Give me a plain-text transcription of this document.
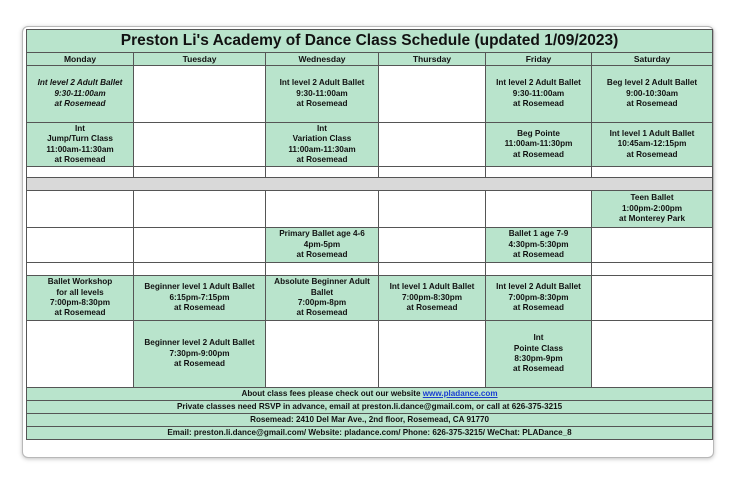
Preston Li's Academy of Dance Class Schedule (updated 1/09/2023)					
Monday	Tuesday	Wednesday	Thursday	Friday	Saturday

Int level 2 Adult Ballet
9:30-11:00am
at Rosemead		Int level 2 Adult Ballet
9:30-11:00am
at Rosemead		Int level 2 Adult Ballet
9:30-11:00am
at Rosemead	Beg level 2 Adult Ballet
9:00-10:30am
at Rosemead

Int
Jump/Turn Class
11:00am-11:30am
at Rosemead		Int
Variation Class
11:00am-11:30am
at Rosemead		Beg Pointe
11:00am-11:30pm
at Rosemead	Int level 1 Adult Ballet
10:45am-12:15pm
at Rosemead

					Teen Ballet
1:00pm-2:00pm
at Monterey Park

		Primary Ballet age 4-6
4pm-5pm
at Rosemead		Ballet 1 age 7-9
4:30pm-5:30pm
at Rosemead	

Ballet Workshop
for all levels
7:00pm-8:30pm
at Rosemead	Beginner level 1 Adult Ballet
6:15pm-7:15pm
at Rosemead	Absolute Beginner Adult
Ballet
7:00pm-8pm
at Rosemead	Int level 1 Adult Ballet
7:00pm-8:30pm
at Rosemead	Int level 2 Adult Ballet
7:00pm-8:30pm
at Rosemead	

	Beginner level 2 Adult Ballet
7:30pm-9:00pm
at Rosemead			Int
Pointe Class
8:30pm-9pm
at Rosemead	

About class fees please check out our website www.pladance.com					
Private classes need RSVP in advance, email at preston.li.dance@gmail.com, or call at 626-375-3215					
Rosemead: 2410 Del Mar Ave., 2nd floor, Rosemead, CA 91770					
Email: preston.li.dance@gmail.com/ Website: pladance.com/ Phone: 626-375-3215/ WeChat: PLADance_8					
